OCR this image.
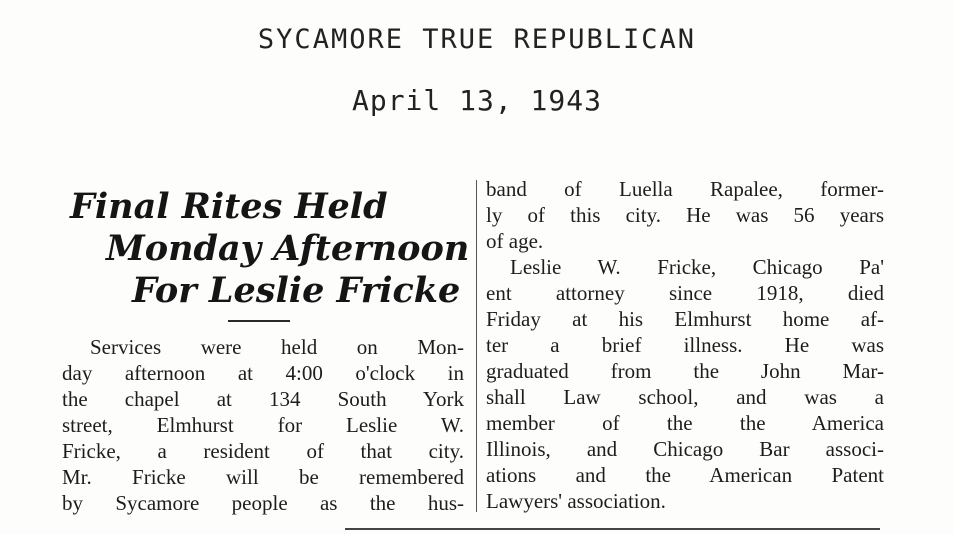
SYCAMORE TRUE REPUBLICAN
April 13, 1943
Final Rites Held
Monday Afternoon
For Leslie Fricke
Services were held on Mon-
day afternoon at 4:00 o'clock in
the chapel at 134 South York
street, Elmhurst for Leslie W.
Fricke, a resident of that city.
Mr. Fricke will be remembered
by Sycamore people as the hus-
band of Luella Rapalee, former-
ly of this city. He was 56 years
of age.
Leslie W. Fricke, Chicago Pa'
ent attorney since 1918, died
Friday at his Elmhurst home af-
ter a brief illness. He was
graduated from the John Mar-
shall Law school, and was a
member of the the America
Illinois, and Chicago Bar associ-
ations and the American Patent
Lawyers' association.
